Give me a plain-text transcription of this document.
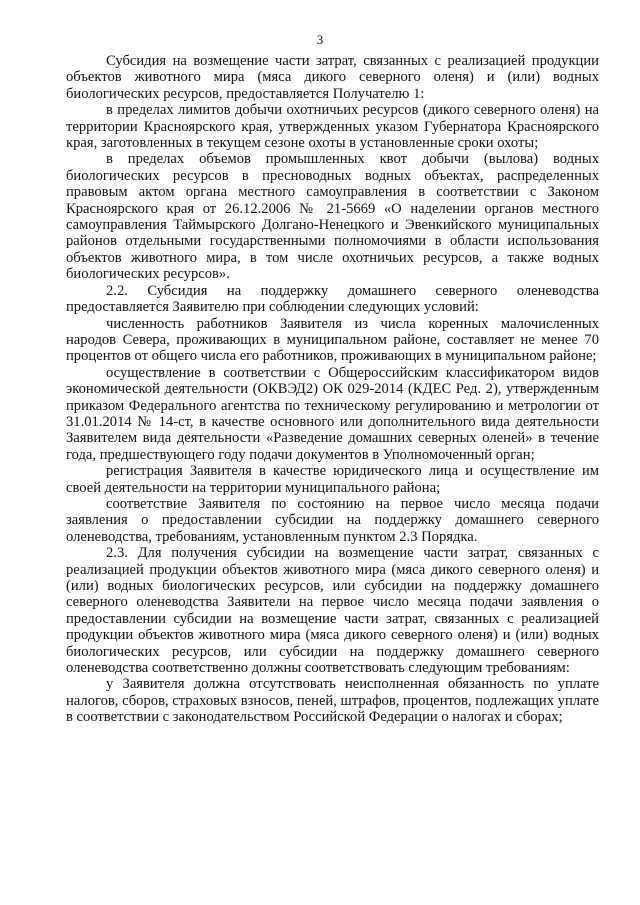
3

Субсидия на возмещение части затрат, связанных с реализацией продукции объектов животного мира (мяса дикого северного оленя) и (или) водных биологических ресурсов, предоставляется Получателю 1:

в пределах лимитов добычи охотничьих ресурсов (дикого северного оленя) на территории Красноярского края, утвержденных указом Губернатора Красноярского края, заготовленных в текущем сезоне охоты в установленные сроки охоты;

в пределах объемов промышленных квот добычи (вылова) водных биологических ресурсов в пресноводных водных объектах, распределенных правовым актом органа местного самоуправления в соответствии с Законом Красноярского края от 26.12.2006 № 21-5669 «О наделении органов местного самоуправления Таймырского Долгано-Ненецкого и Эвенкийского муниципальных районов отдельными государственными полномочиями в области использования объектов животного мира, в том числе охотничьих ресурсов, а также водных биологических ресурсов».

2.2. Субсидия на поддержку домашнего северного оленеводства предоставляется Заявителю при соблюдении следующих условий:

численность работников Заявителя из числа коренных малочисленных народов Севера, проживающих в муниципальном районе, составляет не менее 70 процентов от общего числа его работников, проживающих в муниципальном районе;

осуществление в соответствии с Общероссийским классификатором видов экономической деятельности (ОКВЭД2) ОК 029-2014 (КДЕС Ред. 2), утвержденным приказом Федерального агентства по техническому регулированию и метрологии от 31.01.2014 № 14-ст, в качестве основного или дополнительного вида деятельности Заявителем вида деятельности «Разведение домашних северных оленей» в течение года, предшествующего году подачи документов в Уполномоченный орган;

регистрация Заявителя в качестве юридического лица и осуществление им своей деятельности на территории муниципального района;

соответствие Заявителя по состоянию на первое число месяца подачи заявления о предоставлении субсидии на поддержку домашнего северного оленеводства, требованиям, установленным пунктом 2.3 Порядка.

2.3. Для получения субсидии на возмещение части затрат, связанных с реализацией продукции объектов животного мира (мяса дикого северного оленя) и (или) водных биологических ресурсов, или субсидии на поддержку домашнего северного оленеводства Заявители на первое число месяца подачи заявления о предоставлении субсидии на возмещение части затрат, связанных с реализацией продукции объектов животного мира (мяса дикого северного оленя) и (или) водных биологических ресурсов, или субсидии на поддержку домашнего северного оленеводства соответственно должны соответствовать следующим требованиям:

у Заявителя должна отсутствовать неисполненная обязанность по уплате налогов, сборов, страховых взносов, пеней, штрафов, процентов, подлежащих уплате в соответствии с законодательством Российской Федерации о налогах и сборах;
